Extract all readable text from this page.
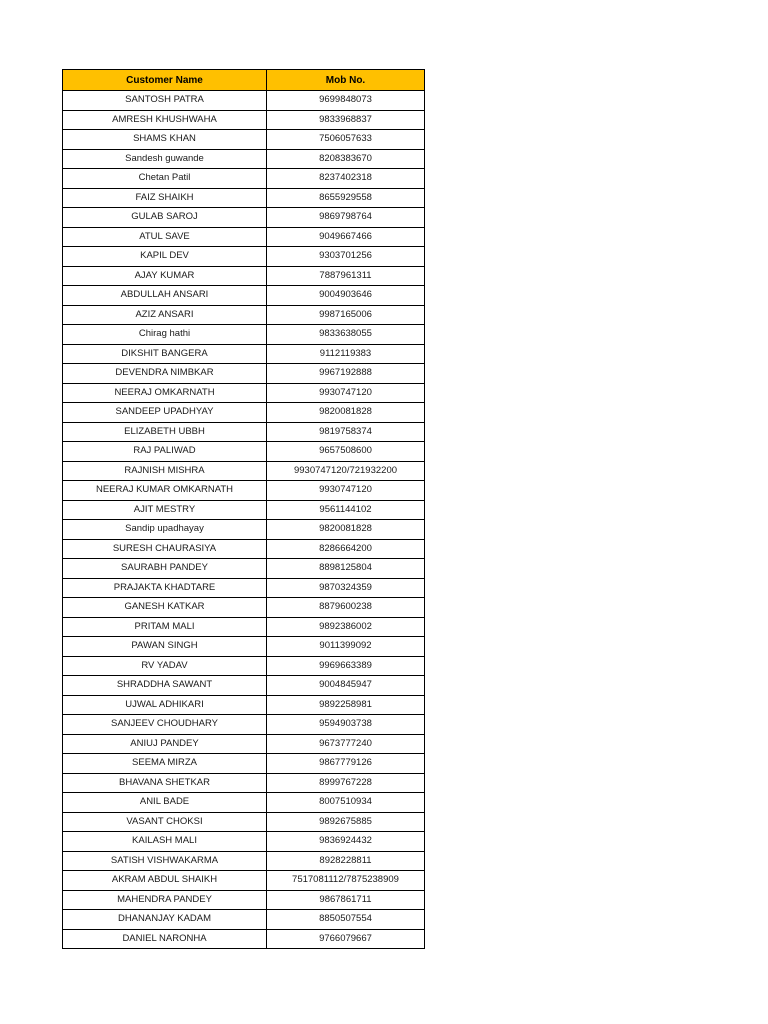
Customer Name	Mob No.
SANTOSH PATRA	9699848073
AMRESH KHUSHWAHA	9833968837
SHAMS KHAN	7506057633
Sandesh guwande	8208383670
Chetan Patil	8237402318
FAIZ SHAIKH	8655929558
GULAB SAROJ	9869798764
ATUL SAVE	9049667466
KAPIL DEV	9303701256
AJAY KUMAR	7887961311
ABDULLAH ANSARI	9004903646
AZIZ ANSARI	9987165006
Chirag hathi	9833638055
DIKSHIT BANGERA	9112119383
DEVENDRA NIMBKAR	9967192888
NEERAJ OMKARNATH	9930747120
SANDEEP UPADHYAY	9820081828
ELIZABETH UBBH	9819758374
RAJ PALIWAD	9657508600
RAJNISH MISHRA	9930747120/721932200
NEERAJ KUMAR OMKARNATH	9930747120
AJIT MESTRY	9561144102
Sandip upadhayay	9820081828
SURESH CHAURASIYA	8286664200
SAURABH PANDEY	8898125804
PRAJAKTA KHADTARE	9870324359
GANESH KATKAR	8879600238
PRITAM MALI	9892386002
PAWAN SINGH	9011399092
RV YADAV	9969663389
SHRADDHA SAWANT	9004845947
UJWAL ADHIKARI	9892258981
SANJEEV CHOUDHARY	9594903738
ANIUJ PANDEY	9673777240
SEEMA MIRZA	9867779126
BHAVANA SHETKAR	8999767228
ANIL BADE	8007510934
VASANT CHOKSI	9892675885
KAILASH MALI	9836924432
SATISH VISHWAKARMA	8928228811
AKRAM ABDUL SHAIKH	7517081112/7875238909
MAHENDRA PANDEY	9867861711
DHANANJAY KADAM	8850507554
DANIEL NARONHA	9766079667
